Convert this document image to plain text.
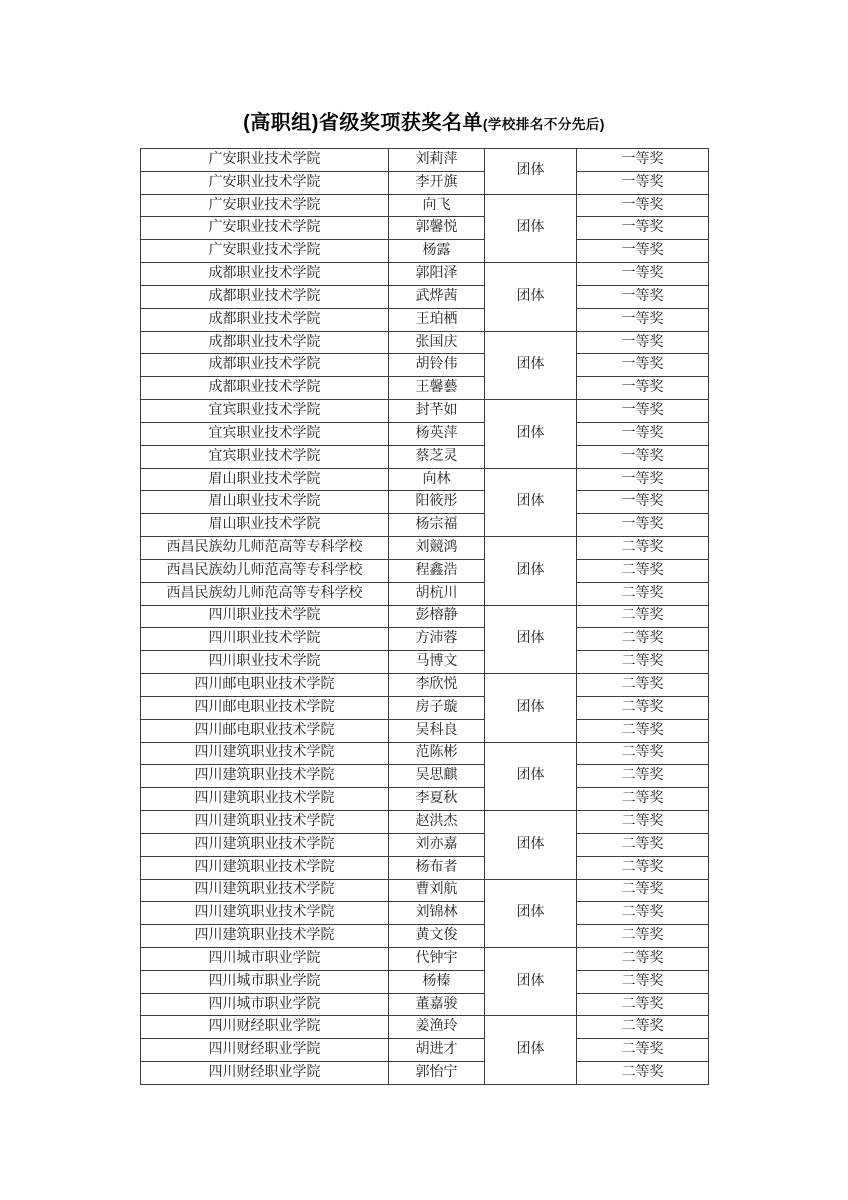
(高职组)省级奖项获奖名单(学校排名不分先后)
广安职业技术学院	刘莉萍	团体	一等奖
广安职业技术学院	李开旗		一等奖
广安职业技术学院	向飞	团体	一等奖
广安职业技术学院	郭馨悦		一等奖
广安职业技术学院	杨露		一等奖
成都职业技术学院	郭阳泽	团体	一等奖
成都职业技术学院	武烨茜		一等奖
成都职业技术学院	王珀栖		一等奖
成都职业技术学院	张国庆	团体	一等奖
成都职业技术学院	胡铃伟		一等奖
成都职业技术学院	王馨藝		一等奖
宜宾职业技术学院	封芊如	团体	一等奖
宜宾职业技术学院	杨英萍		一等奖
宜宾职业技术学院	蔡芝灵		一等奖
眉山职业技术学院	向林	团体	一等奖
眉山职业技术学院	阳筱彤		一等奖
眉山职业技术学院	杨宗福		一等奖
西昌民族幼儿师范高等专科学校	刘競鸿	团体	二等奖
西昌民族幼儿师范高等专科学校	程鑫浩		二等奖
西昌民族幼儿师范高等专科学校	胡杭川		二等奖
四川职业技术学院	彭榕静	团体	二等奖
四川职业技术学院	方沛蓉		二等奖
四川职业技术学院	马博文		二等奖
四川邮电职业技术学院	李欣悦	团体	二等奖
四川邮电职业技术学院	房子璇		二等奖
四川邮电职业技术学院	吴科良		二等奖
四川建筑职业技术学院	范陈彬	团体	二等奖
四川建筑职业技术学院	吴思麒		二等奖
四川建筑职业技术学院	李夏秋		二等奖
四川建筑职业技术学院	赵洪杰	团体	二等奖
四川建筑职业技术学院	刘亦嘉		二等奖
四川建筑职业技术学院	杨布者		二等奖
四川建筑职业技术学院	曹刘航	团体	二等奖
四川建筑职业技术学院	刘锦林		二等奖
四川建筑职业技术学院	黄文俊		二等奖
四川城市职业学院	代钟宇	团体	二等奖
四川城市职业学院	杨榛		二等奖
四川城市职业学院	董嘉骏		二等奖
四川财经职业学院	姜渔玲	团体	二等奖
四川财经职业学院	胡进才		二等奖
四川财经职业学院	郭怡宁		二等奖
